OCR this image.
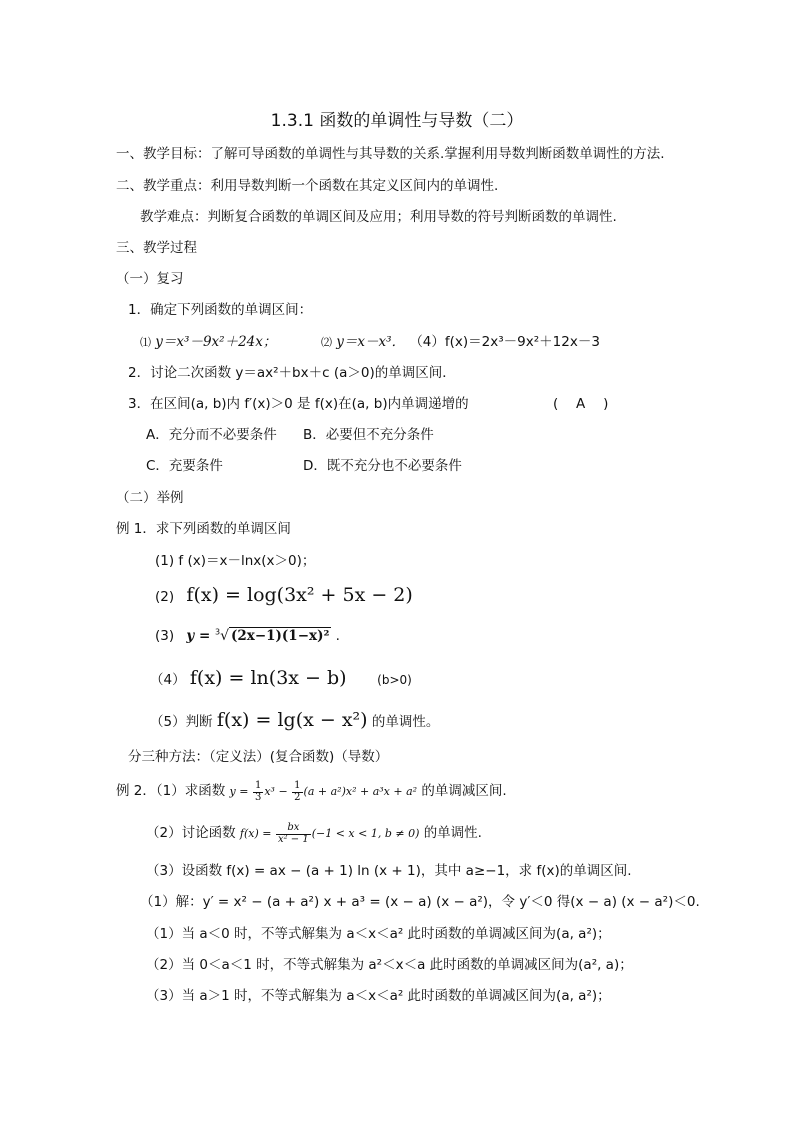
1.3.1 函数的单调性与导数（二）
一、教学目标：了解可导函数的单调性与其导数的关系.掌握利用导数判断函数单调性的方法.
二、教学重点：利用导数判断一个函数在其定义区间内的单调性.
教学难点：判断复合函数的单调区间及应用；利用导数的符号判断函数的单调性.
三、教学过程
（一）复习
1．确定下列函数的单调区间：
⑴ y＝x³－9x²＋24x；	⑵ y＝x－x³． （4）f(x)＝2x³－9x²＋12x－3
2．讨论二次函数 y＝ax²＋bx＋c (a＞0)的单调区间．
3．在区间(a, b)内 f′(x)＞0 是 f(x)在(a, b)内单调递增的	(　 A　 )
A．充分而不必要条件 B．必要但不充分条件
C．充要条件	D．既不充分也不必要条件
（二）举例
例 1．求下列函数的单调区间
(1) f (x)＝x－lnx(x＞0)；
(2) f(x) = log(3x² + 5x − 2)
(3) y = $^3$√ (2x−1)(1−x)² .
（4） f(x) = ln(3x − b)	(b>0)
（5）判断 f(x) = lg(x − x²) 的单调性。
分三种方法：（定义法）(复合函数)（导数）
例 2．（1）求函数 $y = \frac{1}{3} x^3 - \frac{1}{2} (a + a^2)x^2 + a^3x + a^2$ 的单调减区间.
（2）讨论函数 $f(x) = \frac{bx}{\text{x² − 1}} (-1 < x < 1$, b ≠ 0) 的单调性.
（3）设函数 f(x) = ax − (a + 1) ln (x + 1)，其中 a≥−1，求 f(x)的单调区间.
（1）解：y′ = x² − (a + a²) x + a³ = (x − a) (x − a²)，令 y′＜0 得(x − a) (x − a²)＜0.
（1）当 a＜0 时，不等式解集为 a＜x＜a² 此时函数的单调减区间为(a, a²)；
（2）当 0＜a＜1 时，不等式解集为 a²＜x＜a 此时函数的单调减区间为(a², a)；
（3）当 a＞1 时，不等式解集为 a＜x＜a² 此时函数的单调减区间为(a, a²)；
